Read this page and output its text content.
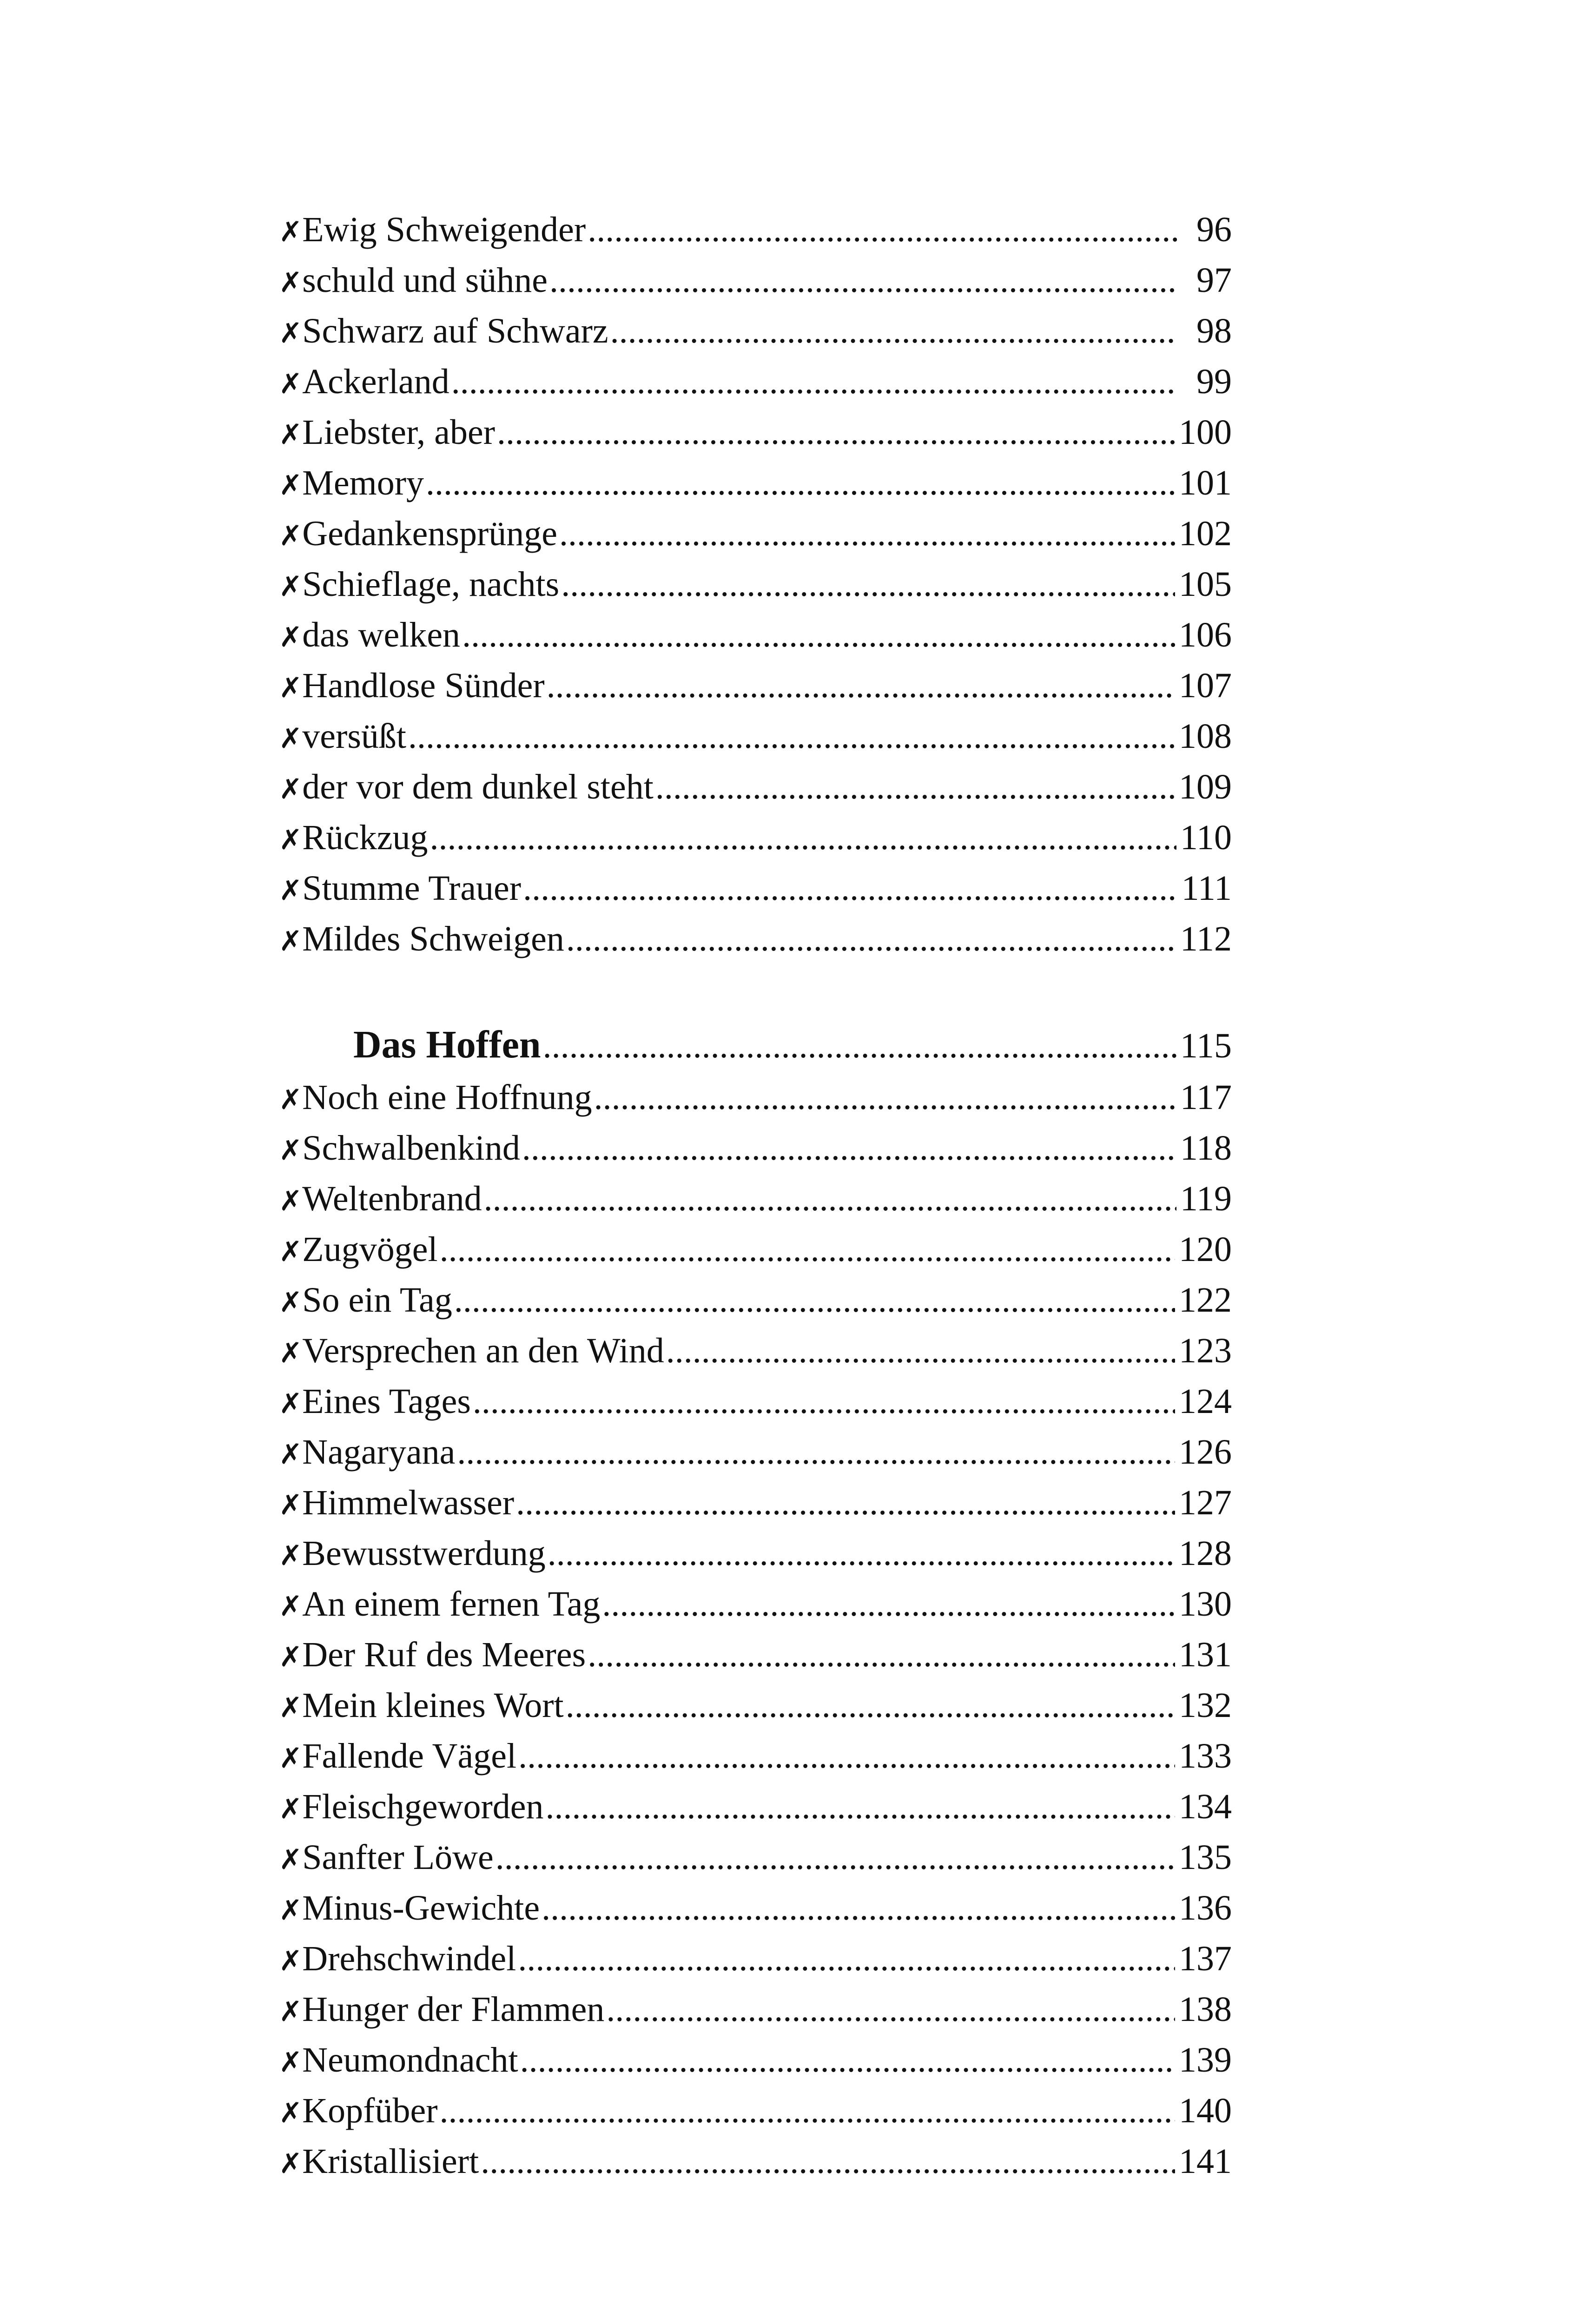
✗ Ewig Schweigender .....	96
✗ schuld und sühne .....	97
✗ Schwarz auf Schwarz .....	98
✗ Ackerland .....	99
✗ Liebster, aber .....	100
✗ Memory .....	101
✗ Gedankensprünge .....	102
✗ Schieflage, nachts .....	105
✗ das welken .....	106
✗ Handlose Sünder .....	107
✗ versüßt .....	108
✗ der vor dem dunkel steht .....	109
✗ Rückzug .....	110
✗ Stumme Trauer .....	111
✗ Mildes Schweigen .....	112
Das Hoffen .....	115
✗ Noch eine Hoffnung .....	117
✗ Schwalbenkind .....	118
✗ Weltenbrand .....	119
✗ Zugvögel .....	120
✗ So ein Tag .....	122
✗ Versprechen an den Wind .....	123
✗ Eines Tages .....	124
✗ Nagaryana .....	126
✗ Himmelwasser .....	127
✗ Bewusstwerdung .....	128
✗ An einem fernen Tag .....	130
✗ Der Ruf des Meeres .....	131
✗ Mein kleines Wort .....	132
✗ Fallende Vägel .....	133
✗ Fleischgeworden .....	134
✗ Sanfter Löwe .....	135
✗ Minus-Gewichte .....	136
✗ Drehschwindel .....	137
✗ Hunger der Flammen .....	138
✗ Neumondnacht .....	139
✗ Kopfüber .....	140
✗ Kristallisiert .....	141
